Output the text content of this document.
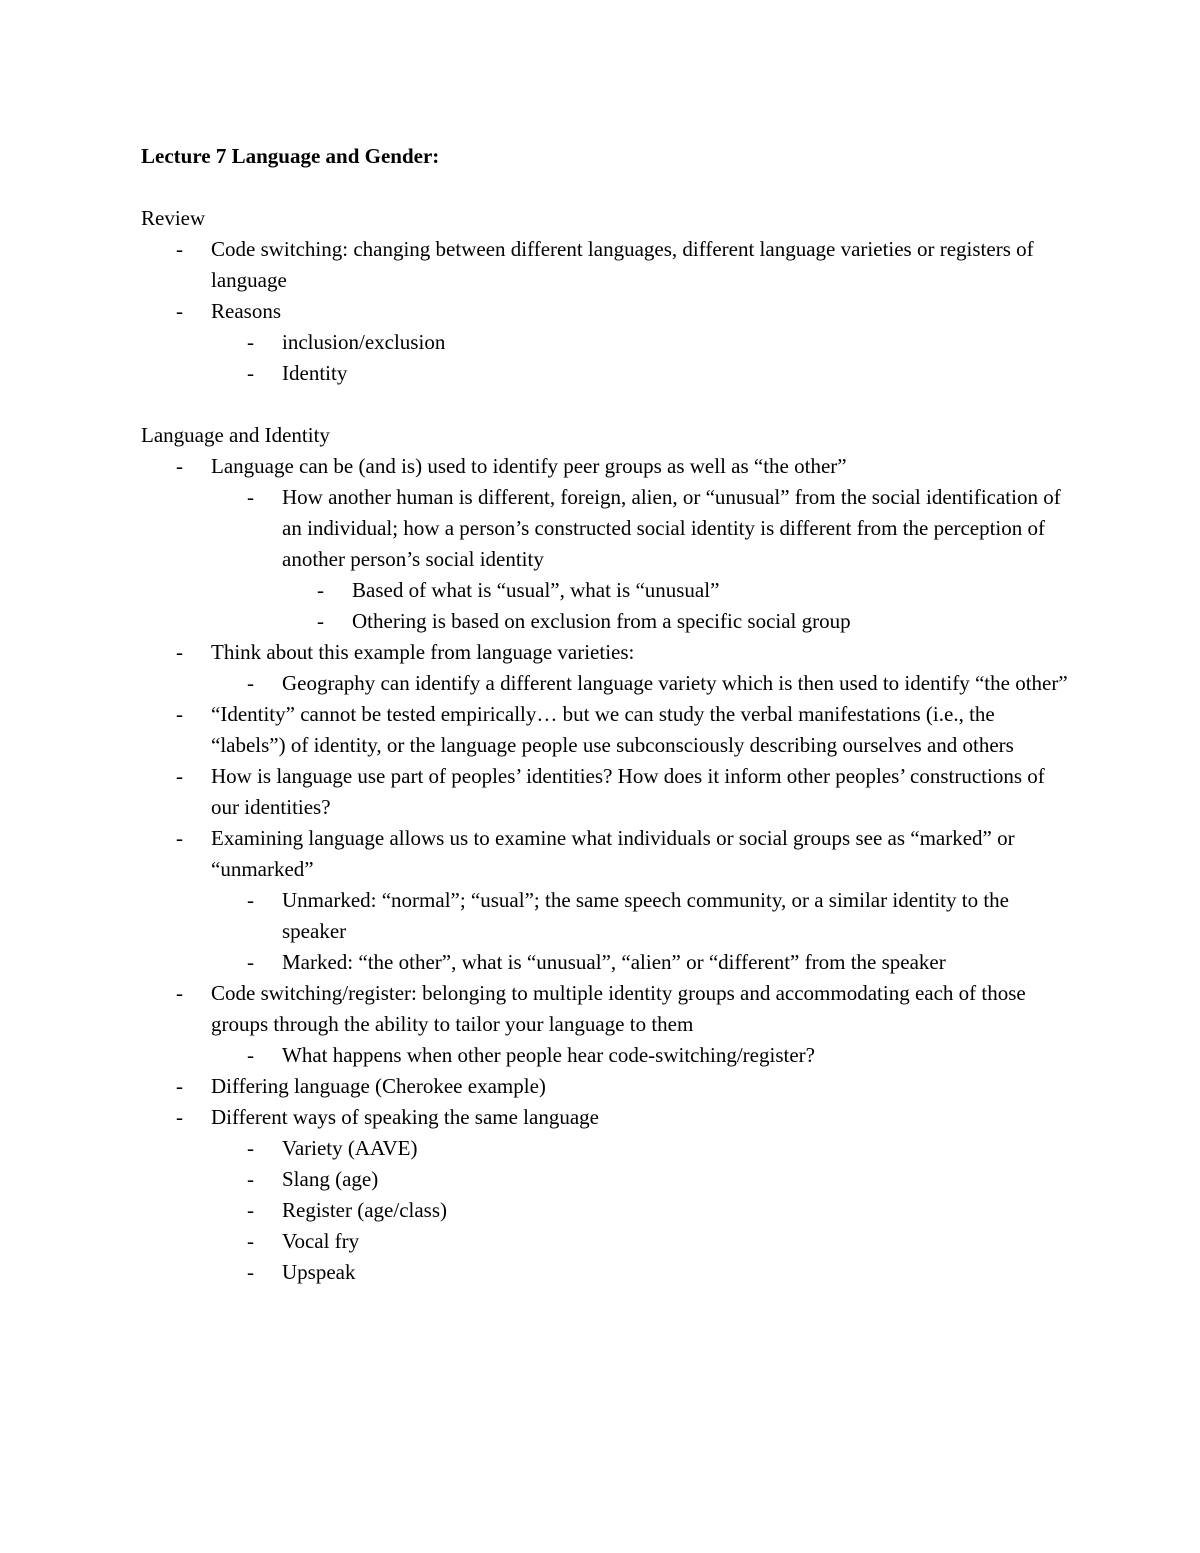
Lecture 7 Language and Gender:
Review
- Code switching: changing between different languages, different language varieties or registers of language
- Reasons
- inclusion/exclusion
- Identity
Language and Identity
- Language can be (and is) used to identify peer groups as well as “the other”
- How another human is different, foreign, alien, or “unusual” from the social identification of an individual; how a person’s constructed social identity is different from the perception of another person’s social identity
- Based of what is “usual”, what is “unusual”
- Othering is based on exclusion from a specific social group
- Think about this example from language varieties:
- Geography can identify a different language variety which is then used to identify “the other”
- “Identity” cannot be tested empirically… but we can study the verbal manifestations (i.e., the “labels”) of identity, or the language people use subconsciously describing ourselves and others
- How is language use part of peoples’ identities? How does it inform other peoples’ constructions of our identities?
- Examining language allows us to examine what individuals or social groups see as “marked” or “unmarked”
- Unmarked: “normal”; “usual”; the same speech community, or a similar identity to the speaker
- Marked: “the other”, what is “unusual”, “alien” or “different” from the speaker
- Code switching/register: belonging to multiple identity groups and accommodating each of those groups through the ability to tailor your language to them
- What happens when other people hear code-switching/register?
- Differing language (Cherokee example)
- Different ways of speaking the same language
- Variety (AAVE)
- Slang (age)
- Register (age/class)
- Vocal fry
- Upspeak
